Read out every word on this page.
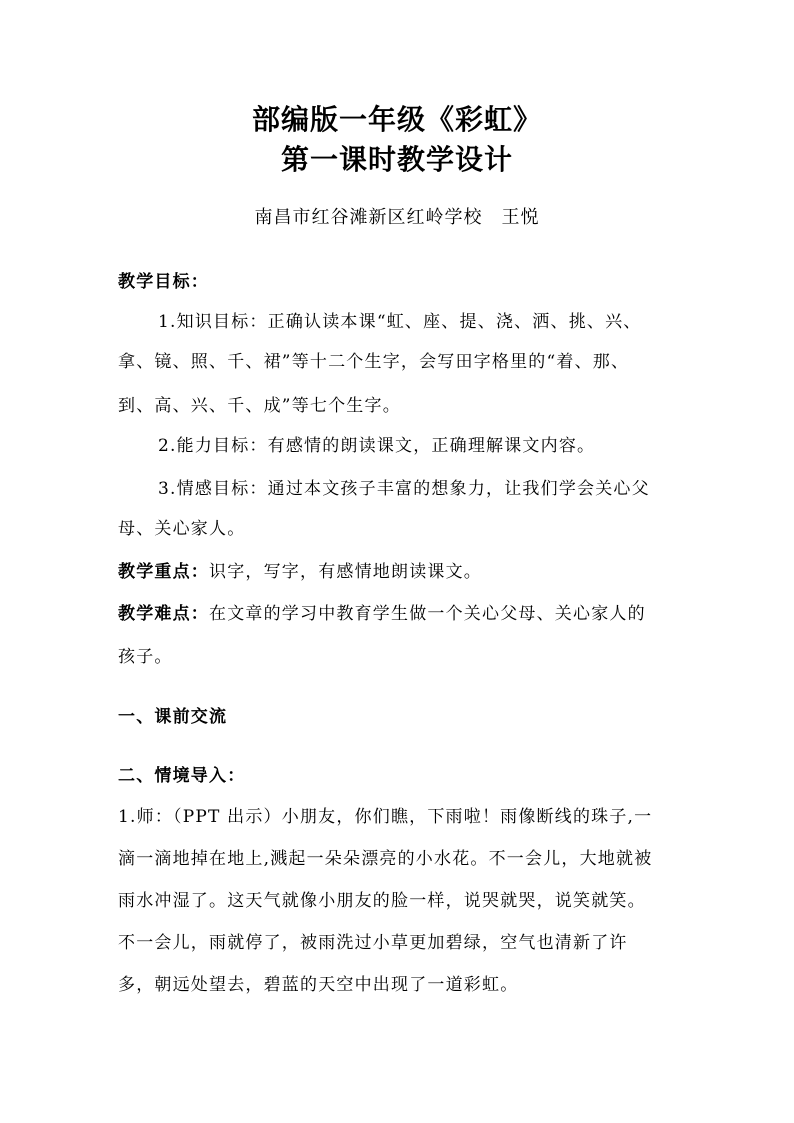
部编版一年级《彩虹》
第一课时教学设计
南昌市红谷滩新区红岭学校　王悦
教学目标：
1.知识目标：正确认读本课“虹、座、提、浇、洒、挑、兴、
拿、镜、照、千、裙”等十二个生字，会写田字格里的“着、那、
到、高、兴、千、成”等七个生字。
2.能力目标：有感情的朗读课文，正确理解课文内容。
3.情感目标：通过本文孩子丰富的想象力，让我们学会关心父
母、关心家人。
教学重点：识字，写字，有感情地朗读课文。
教学难点：在文章的学习中教育学生做一个关心父母、关心家人的
孩子。
一、课前交流
二、情境导入：
1.师：（PPT 出示）小朋友，你们瞧，下雨啦！雨像断线的珠子,一
滴一滴地掉在地上,溅起一朵朵漂亮的小水花。不一会儿，大地就被
雨水冲湿了。这天气就像小朋友的脸一样，说哭就哭，说笑就笑。
不一会儿，雨就停了，被雨洗过小草更加碧绿，空气也清新了许
多，朝远处望去，碧蓝的天空中出现了一道彩虹。
